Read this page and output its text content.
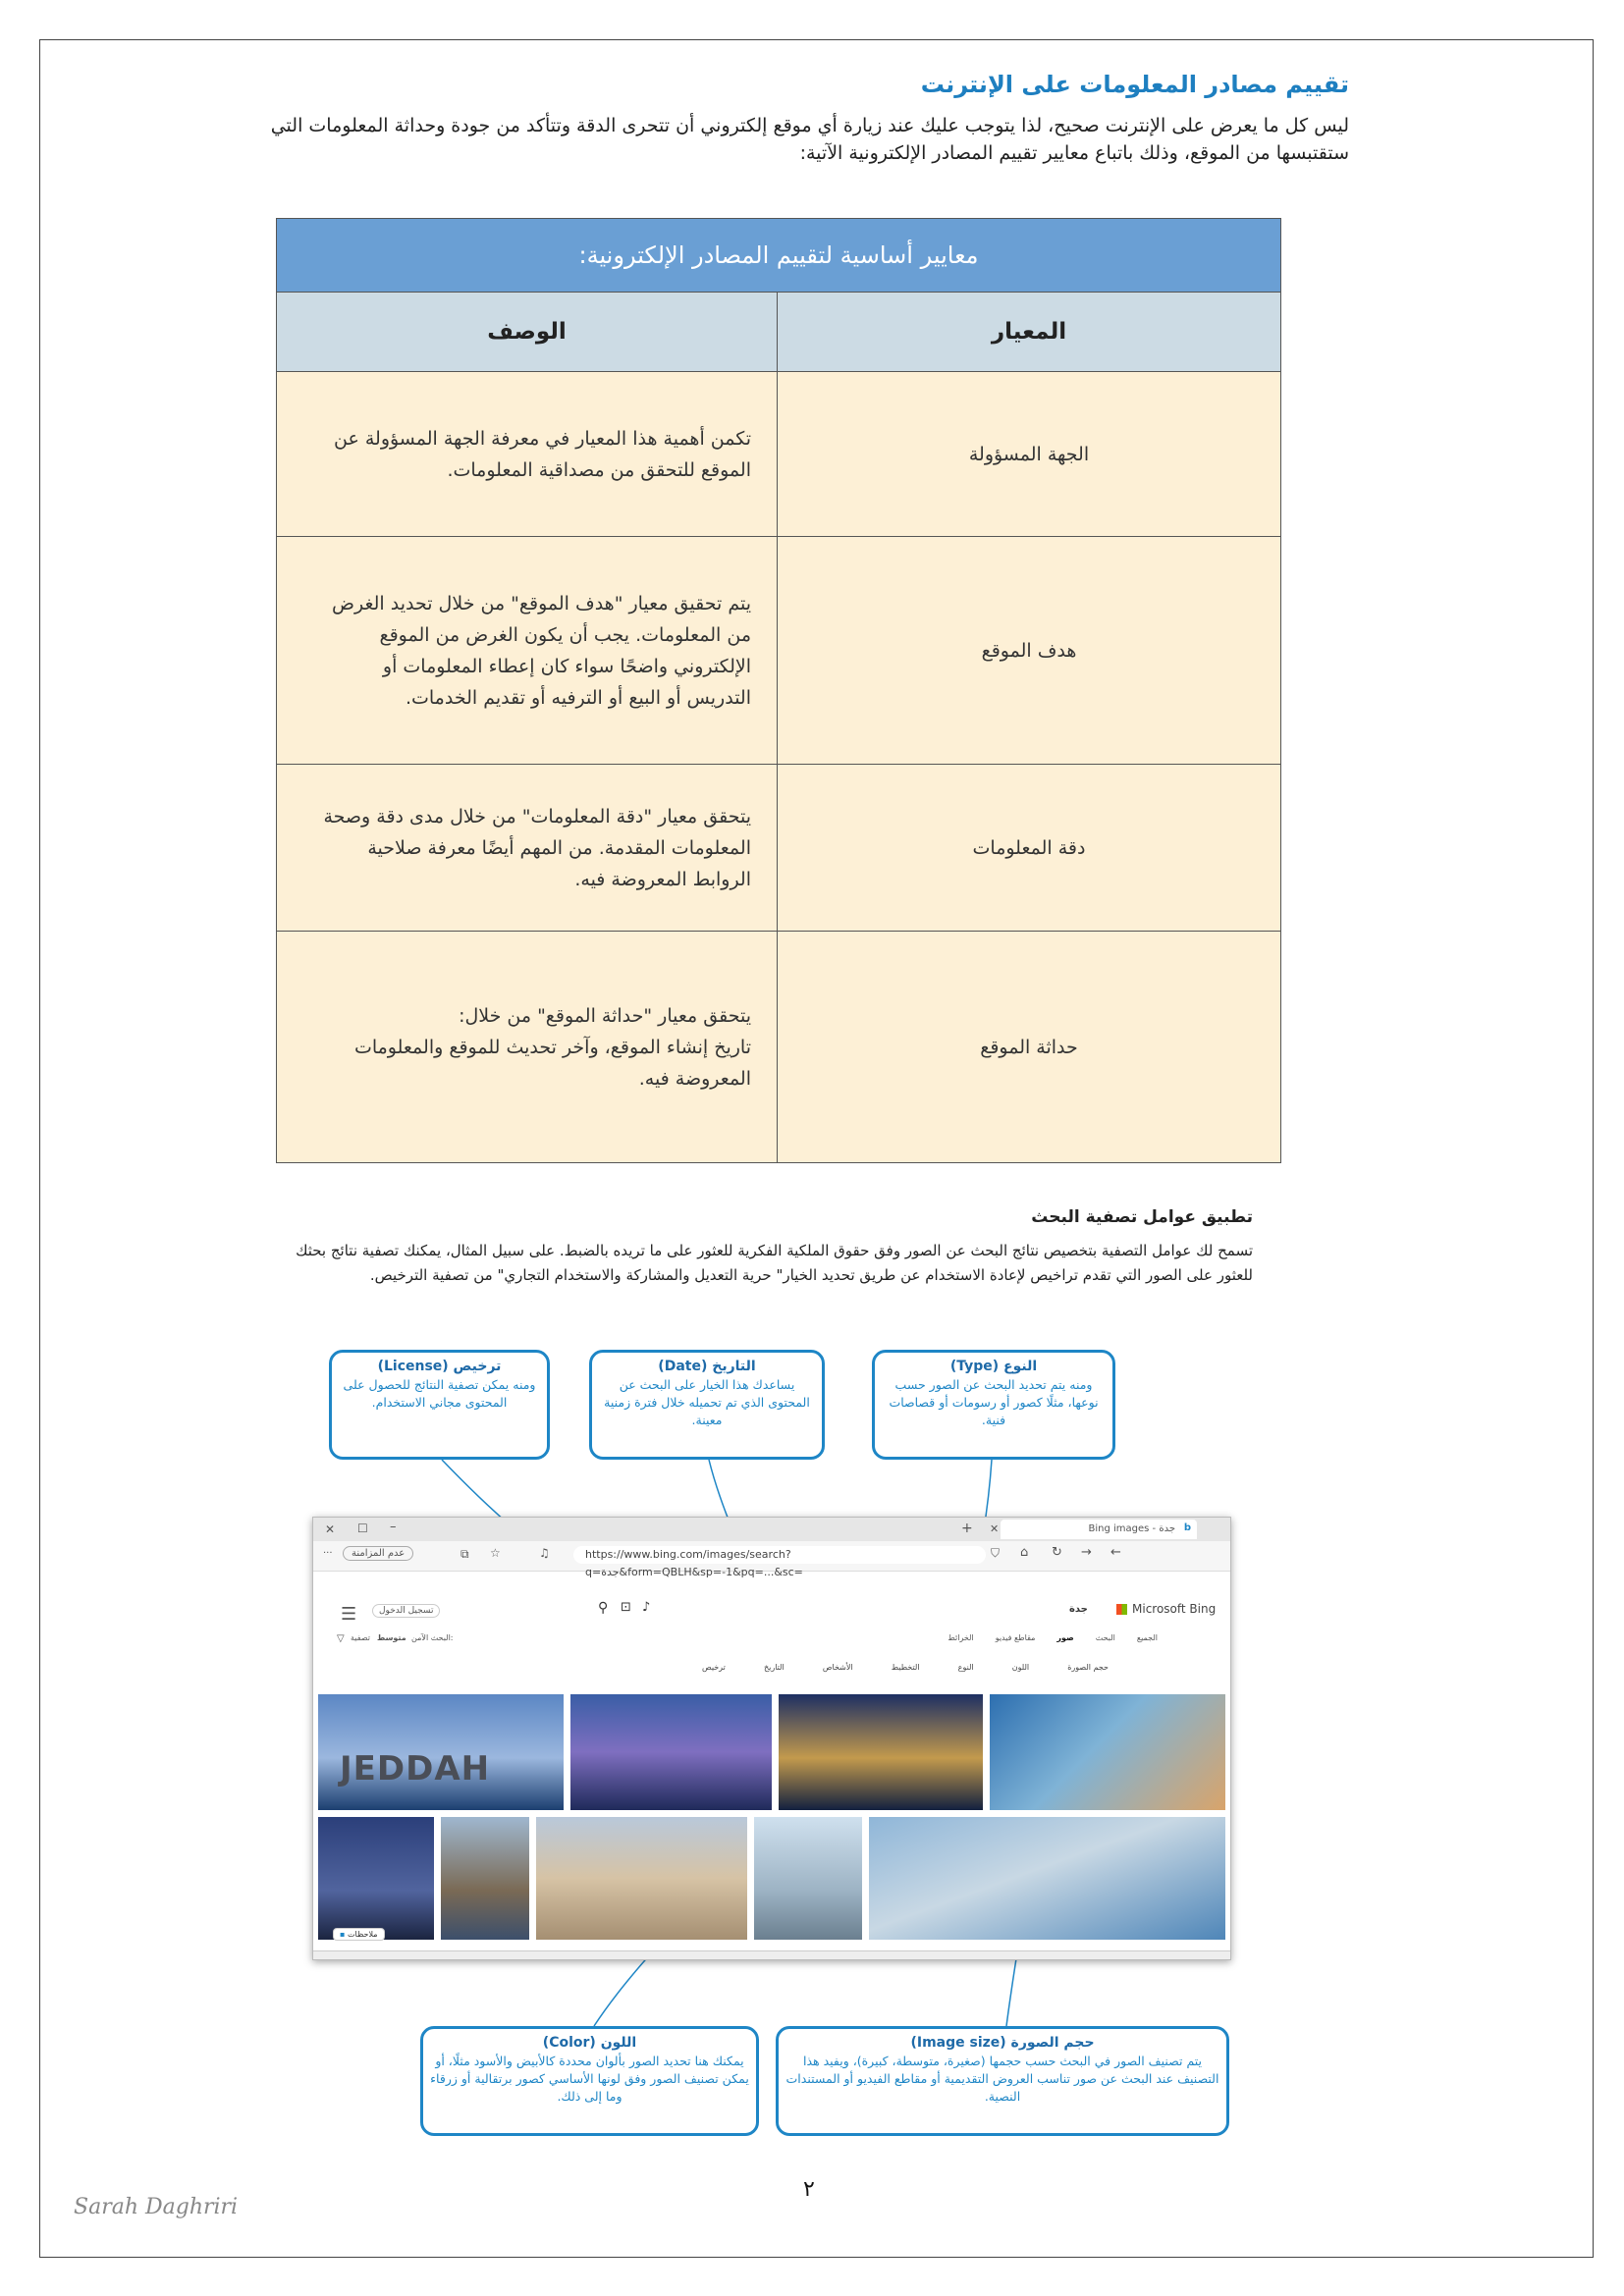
تقييم مصادر المعلومات على الإنترنت
ليس كل ما يعرض على الإنترنت صحيح، لذا يتوجب عليك عند زيارة أي موقع إلكتروني أن تتحرى الدقة وتتأكد من جودة وحداثة المعلومات التي ستقتبسها من الموقع، وذلك باتباع معايير تقييم المصادر الإلكترونية الآتية:
معايير أساسية لتقييم المصادر الإلكترونية:	
المعيار	الوصف
الجهة المسؤولة	تكمن أهمية هذا المعيار في معرفة الجهة المسؤولة عن الموقع للتحقق من مصداقية المعلومات.
هدف الموقع	يتم تحقيق معيار "هدف الموقع" من خلال تحديد الغرض من المعلومات. يجب أن يكون الغرض من الموقع الإلكتروني واضحًا سواء كان إعطاء المعلومات أو التدريس أو البيع أو الترفيه أو تقديم الخدمات.
دقة المعلومات	يتحقق معيار "دقة المعلومات" من خلال مدى دقة وصحة المعلومات المقدمة. من المهم أيضًا معرفة صلاحية الروابط المعروضة فيه.
حداثة الموقع	يتحقق معيار "حداثة الموقع" من خلال:
تاريخ إنشاء الموقع، وآخر تحديث للموقع والمعلومات المعروضة فيه.
تطبيق عوامل تصفية البحث
تسمح لك عوامل التصفية بتخصيص نتائج البحث عن الصور وفق حقوق الملكية الفكرية للعثور على ما تريده بالضبط. على سبيل المثال، يمكنك تصفية نتائج بحثك للعثور على الصور التي تقدم تراخيص لإعادة الاستخدام عن طريق تحديد الخيار" حرية التعديل والمشاركة والاستخدام التجاري" من تصفية الترخيص.
ترخيص (License)
ومنه يمكن تصفية النتائج للحصول على المحتوى مجاني الاستخدام.
التاريخ (Date)
يساعدك هذا الخيار على البحث عن المحتوى الذي تم تحميله خلال فترة زمنية معينة.
النوع (Type)
ومنه يتم تحديد البحث عن الصور حسب نوعها، مثلًا كصور أو رسومات أو قصاصات فنية.
اللون (Color)
يمكنك هنا تحديد الصور بألوان محددة كالأبيض والأسود مثلًا، أو يمكن تصنيف الصور وفق لونها الأساسي كصور برتقالية أو زرقاء وما إلى ذلك.
حجم الصورة (Image size)
يتم تصنيف الصور في البحث حسب حجمها (صغيرة، متوسطة، كبيرة)، ويفيد هذا التصنيف عند البحث عن صور تناسب العروض التقديمية أو مقاطع الفيديو أو المستندات النصية.
✕ ☐ –	+ ✕	Bing images - جدة b
···	عدم المزامنة	⧉ ☆	♫	https://www.bing.com/images/search?q=جدة&form=QBLH&sp=-1&pq=...&sc=
⛉ ⌂ ↻ → ←
☰	تسجيل الدخول	⚲ ⊡ ♪	جدة	Microsoft Bing
الجميع
البحث
صور
مقاطع فيديو
الخرائط
▽ تصفية متوسط البحث الآمن:
حجم الصورة
اللون
النوع
التخطيط
الأشخاص
التاريخ
ترخيص
JEDDAH
▪ ملاحظات
٢
Sarah Daghriri
